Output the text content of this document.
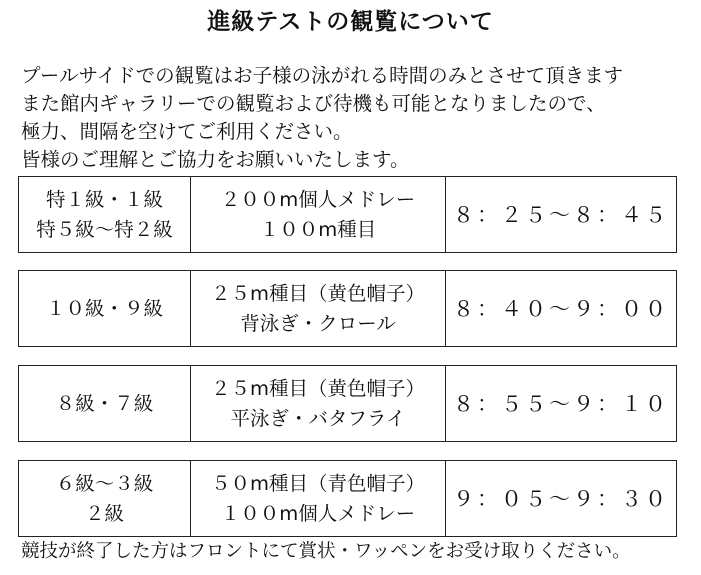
進級テストの観覧について
プールサイドでの観覧はお子様の泳がれる時間のみとさせて頂きます
また館内ギャラリーでの観覧および待機も可能となりましたので、
極力、間隔を空けてご利用ください。
皆様のご理解とご協力をお願いいたします。
特１級・１級
特５級～特２級
２００m個人メドレー
１００m種目
８：２５～８：４５
１０級・９級
２５m種目（黄色帽子）
背泳ぎ・クロール
８：４０～９：００
８級・７級
２５m種目（黄色帽子）
平泳ぎ・バタフライ
８：５５～９：１０
６級～３級
２級
５０m種目（青色帽子）
１００m個人メドレー
９：０５～９：３０
競技が終了した方はフロントにて賞状・ワッペンをお受け取りください。
